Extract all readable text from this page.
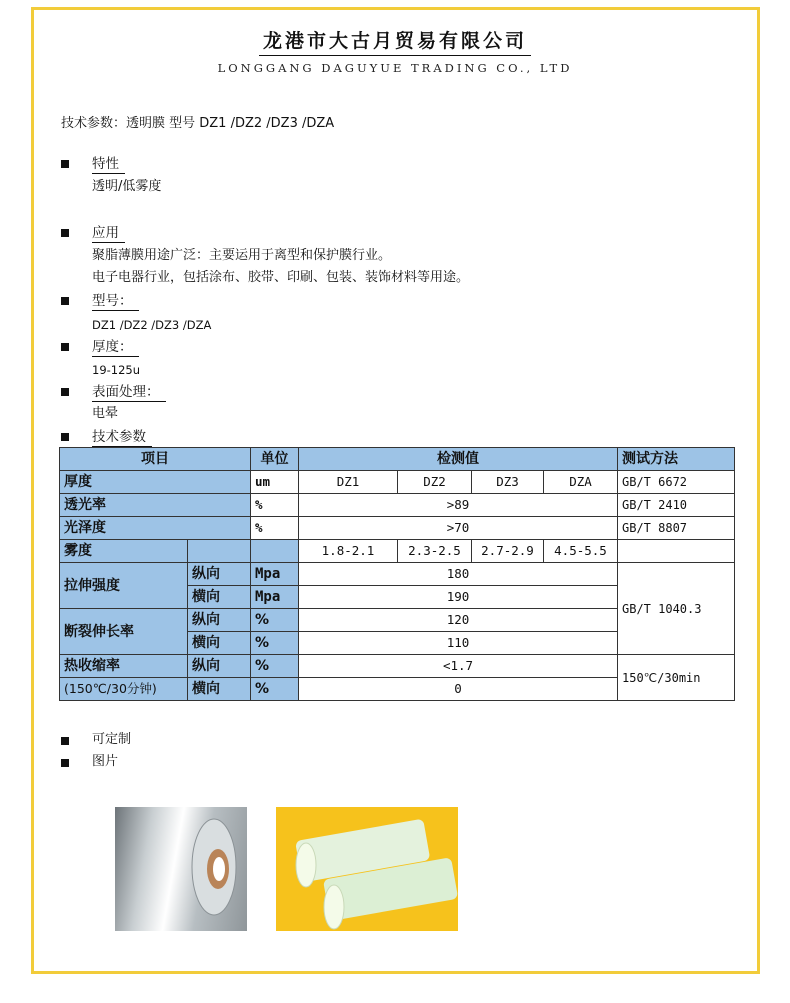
龙港市大古月贸易有限公司
LONGGANG DAGUYUE TRADING CO., LTD
技术参数：透明膜 型号 DZ1 /DZ2 /DZ3 /DZA
特性
透明/低雾度
应用
聚脂薄膜用途广泛：主要运用于离型和保护膜行业。
电子电器行业，包括涂布、胶带、印刷、包装、装饰材料等用途。
型号：
DZ1 /DZ2 /DZ3 /DZA
厚度：
19-125u
表面处理：
电晕
技术参数
项目		单位	检测值				测试方法
厚度		um	DZ1	DZ2	DZ3	DZA	GB/T 6672
透光率		%	>89				GB/T 2410
光泽度		%	>70				GB/T 8807
雾度			1.8-2.1	2.3-2.5	2.7-2.9	4.5-5.5	
拉伸强度	纵向	Mpa	180				GB/T 1040.3
	横向	Mpa	190				
断裂伸长率	纵向	%	120				
	横向	%	110				
热收缩率	纵向	%	<1.7				150℃/30min
(150℃/30分钟)	横向	%	0				
可定制
图片
